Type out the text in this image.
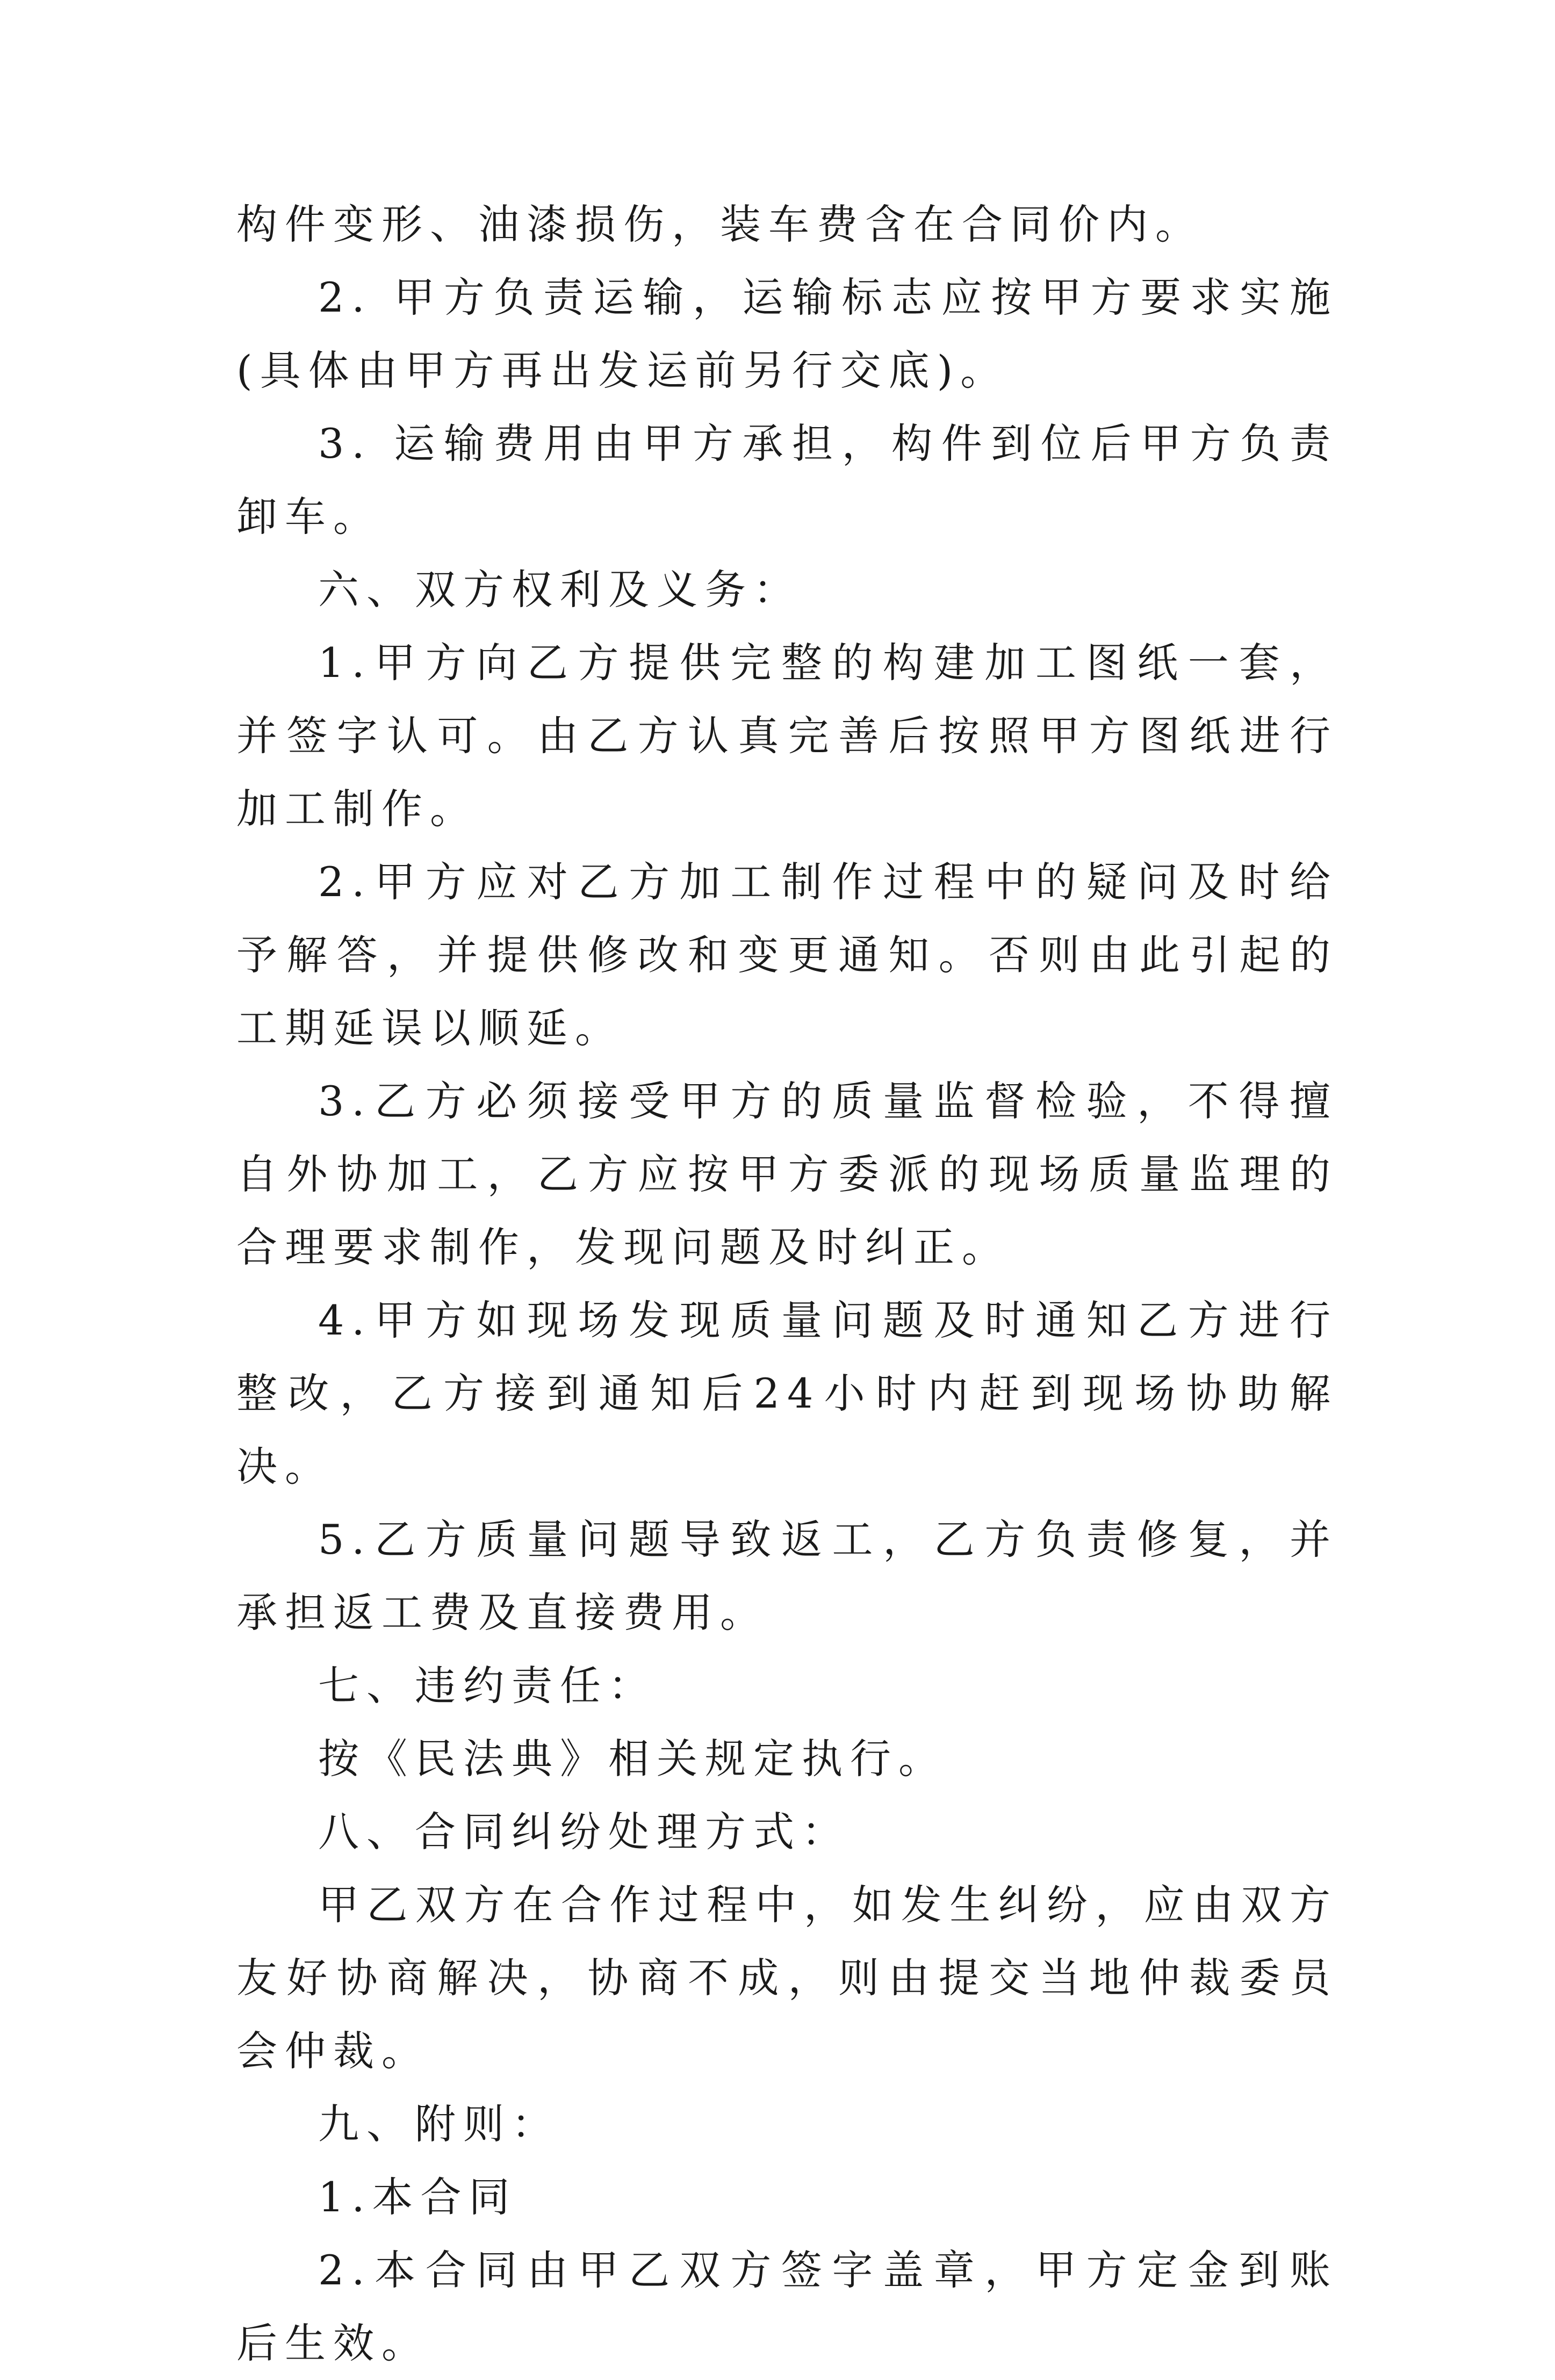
构件变形、油漆损伤，装车费含在合同价内。

2. 甲方负责运输，运输标志应按甲方要求实施(具体由甲方再出发运前另行交底)。

3. 运输费用由甲方承担，构件到位后甲方负责卸车。

六、双方权利及义务：

1.甲方向乙方提供完整的构建加工图纸一套，并签字认可。由乙方认真完善后按照甲方图纸进行加工制作。

2.甲方应对乙方加工制作过程中的疑问及时给予解答，并提供修改和变更通知。否则由此引起的工期延误以顺延。

3.乙方必须接受甲方的质量监督检验，不得擅自外协加工，乙方应按甲方委派的现场质量监理的合理要求制作，发现问题及时纠正。

4.甲方如现场发现质量问题及时通知乙方进行整改，乙方接到通知后24小时内赶到现场协助解决。

5.乙方质量问题导致返工，乙方负责修复，并承担返工费及直接费用。

七、违约责任：

按《民法典》相关规定执行。

八、合同纠纷处理方式：

甲乙双方在合作过程中，如发生纠纷，应由双方友好协商解决，协商不成，则由提交当地仲裁委员会仲裁。

九、附则：

1.本合同

2.本合同由甲乙双方签字盖章，甲方定金到账后生效。
